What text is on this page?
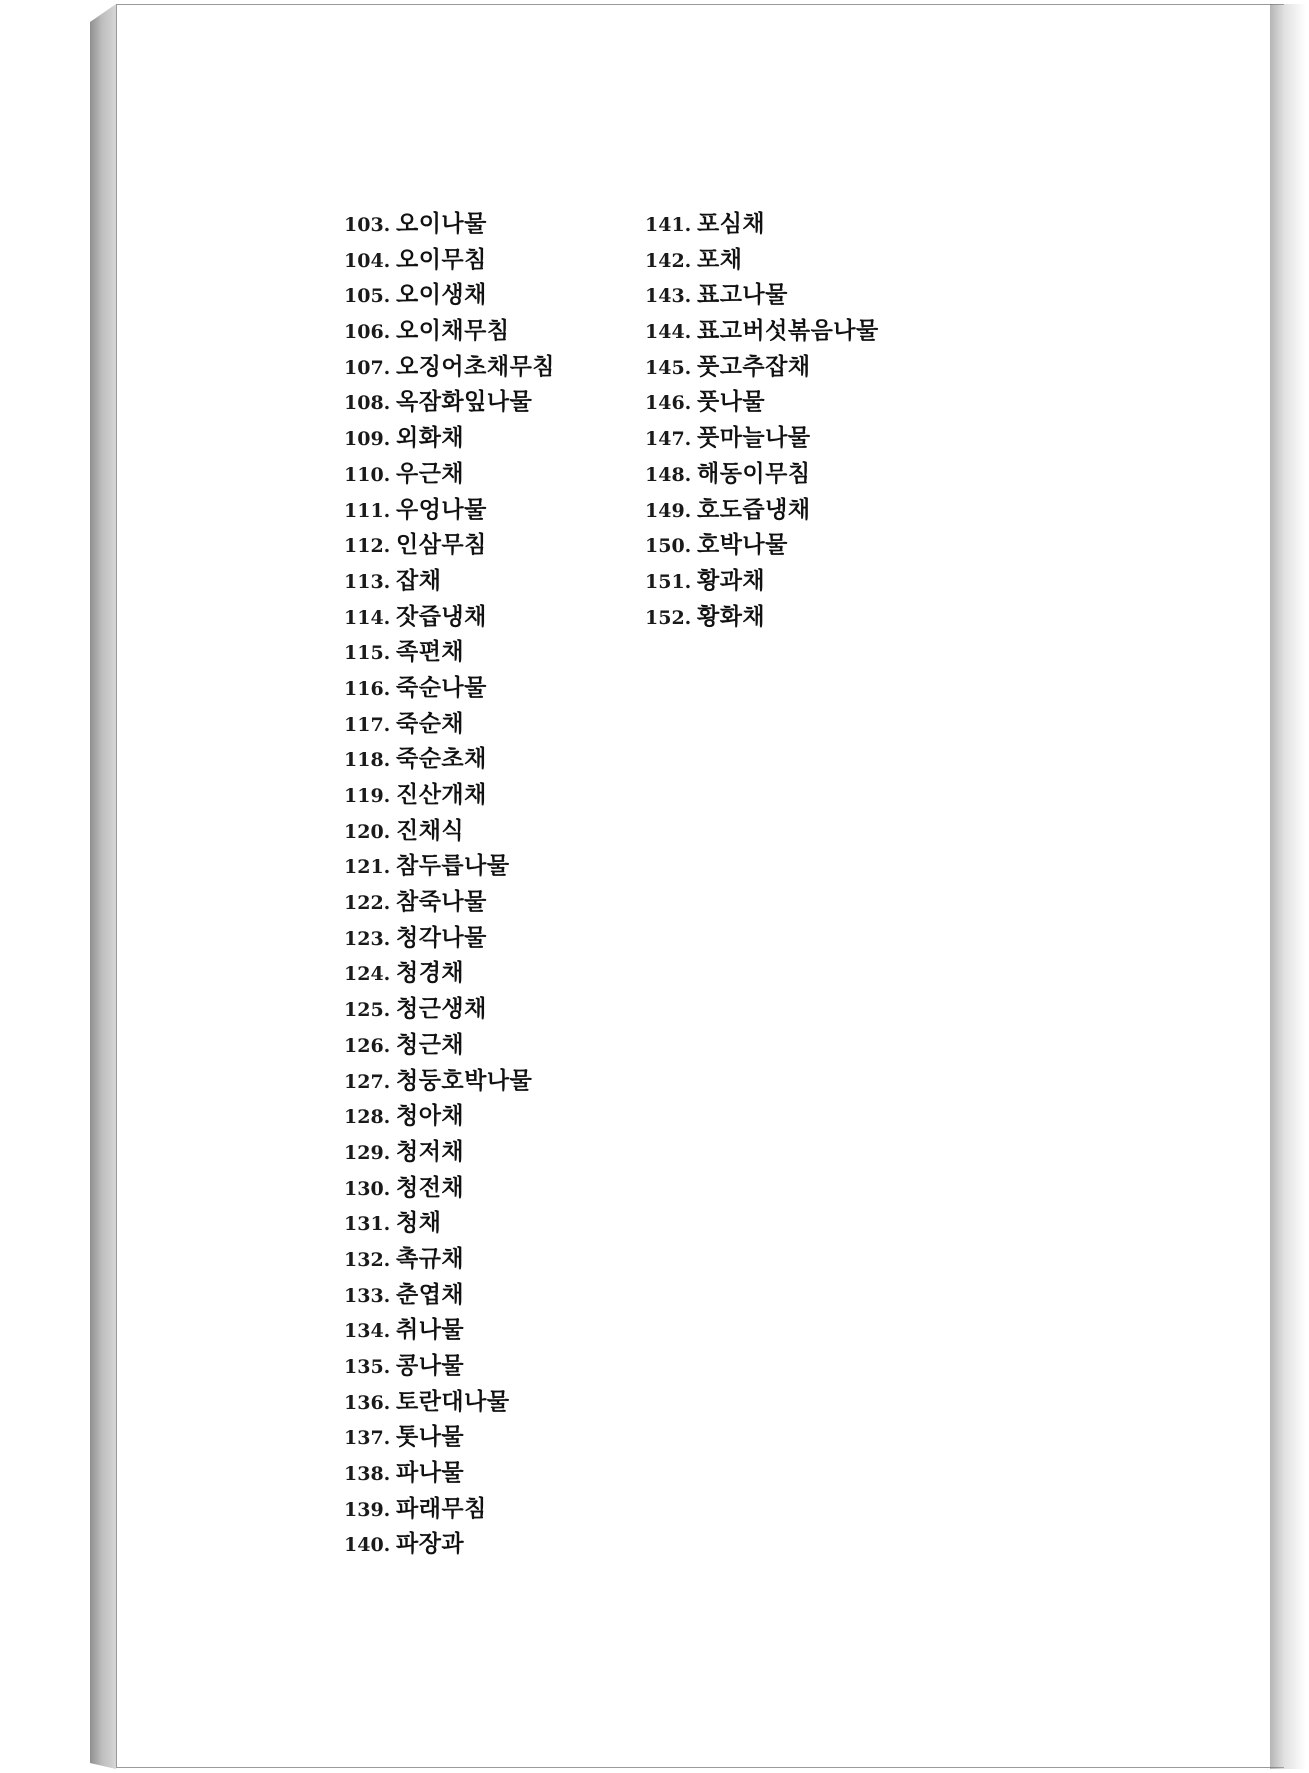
103. 오이나물
104. 오이무침
105. 오이생채
106. 오이채무침
107. 오징어초채무침
108. 옥잠화잎나물
109. 외화채
110. 우근채
111. 우엉나물
112. 인삼무침
113. 잡채
114. 잣즙냉채
115. 족편채
116. 죽순나물
117. 죽순채
118. 죽순초채
119. 진산개채
120. 진채식
121. 참두릅나물
122. 참죽나물
123. 청각나물
124. 청경채
125. 청근생채
126. 청근채
127. 청둥호박나물
128. 청아채
129. 청저채
130. 청전채
131. 청채
132. 촉규채
133. 춘엽채
134. 취나물
135. 콩나물
136. 토란대나물
137. 톳나물
138. 파나물
139. 파래무침
140. 파장과
141. 포심채
142. 포채
143. 표고나물
144. 표고버섯볶음나물
145. 풋고추잡채
146. 풋나물
147. 풋마늘나물
148. 해동이무침
149. 호도즙냉채
150. 호박나물
151. 황과채
152. 황화채
